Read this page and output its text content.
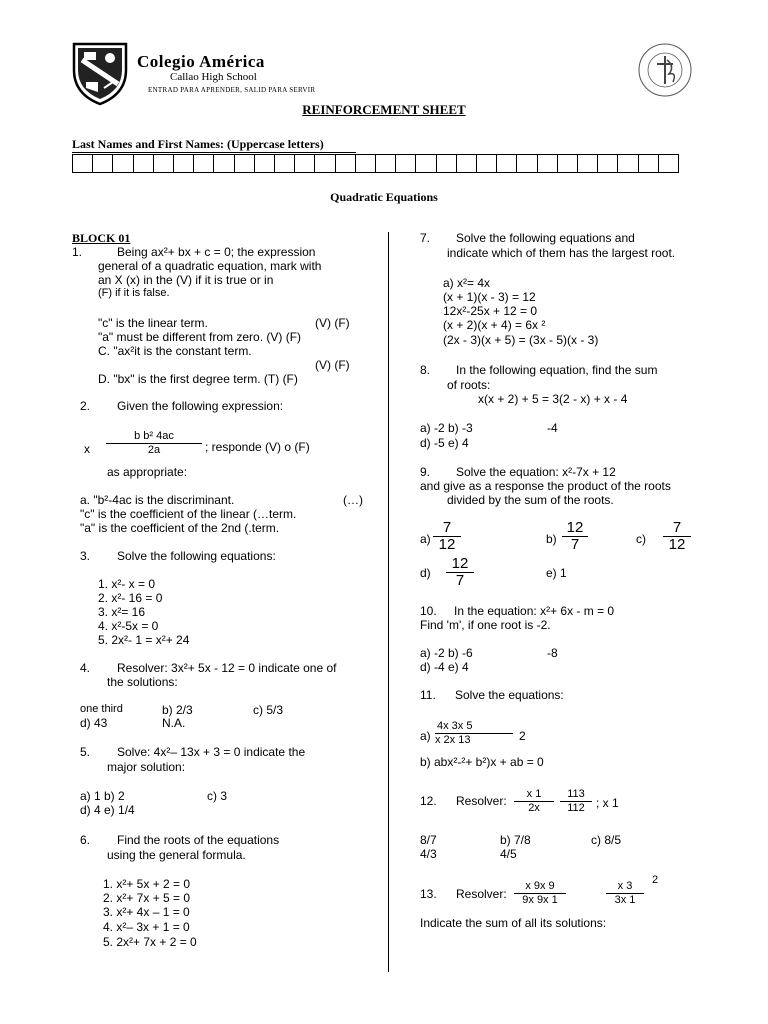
Colegio América
Callao High School
ENTRAD PARA APRENDER, SALID PARA SERVIR
REINFORCEMENT SHEET
Last Names and First Names: (Uppercase letters)
Quadratic Equations
BLOCK 01
1.	Being ax²+ bx + c = 0; the expression
general of a quadratic equation, mark with
an X (x) in the (V) if it is true or in
(F) if it is false.
"c" is the linear term.	(V) (F)
"a" must be different from zero. (V) (F)
C. "ax²it is the constant term.
(V) (F)
D. "bx" is the first degree term. (T) (F)
2. Given the following expression:
x $\frac{\text{b b² 4ac}}{2a}$ ; responde (V) o (F)
as appropriate:
a. "b²-4ac is the discriminant.	(…)
"c" is the coefficient of the linear (…term.
"a" is the coefficient of the 2nd (.term.
3. Solve the following equations:
1. x²- x = 0
2. x²- 16 = 0
3. x²= 16
4. x²-5x = 0
5. 2x²- 1 = x²+ 24
4. Resolver: 3x²+ 5x - 12 = 0 indicate one of
the solutions:
one third	b) 2/3	c) 5/3
d) 43	N.A.
5. Solve: 4x²– 13x + 3 = 0 indicate the
major solution:
a) 1 b) 2	c) 3
d) 4 e) 1/4
6. Find the roots of the equations
using the general formula.
1. x²+ 5x + 2 = 0
2. x²+ 7x + 5 = 0
3. x²+ 4x – 1 = 0
4. x²– 3x + 1 = 0
5. 2x²+ 7x + 2 = 0
7. Solve the following equations and
indicate which of them has the largest root.
a) x²= 4x
(x + 1)(x - 3) = 12
12x²-25x + 12 = 0
(x + 2)(x + 4) = 6x ²
(2x - 3)(x + 5) = (3x - 5)(x - 3)
8. In the following equation, find the sum
of roots:
x(x + 2) + 5 = 3(2 - x) + x - 4
a) -2 b) -3	-4
d) -5 e) 4
9. Solve the equation: x²-7x + 12
and give as a response the product of the roots
divided by the sum of the roots.
$a) \frac{7}{12}$	$b) \frac{12}{7}$	$c) \frac{7}{12}$
$d) \frac{12}{7}$	e) 1
10. In the equation: x²+ 6x - m = 0
Find 'm', if one root is -2.
a) -2 b) -6	-8
d) -4 e) 4
11. Solve the equations:
$a) \frac{4x 3x 5}{x 2x 13} 2$
b) abx²-²+ b²)x + ab = 0
12. Resolver: $\frac{x 1}{2x} \frac{113}{112}$ ; x 1
8/7	b) 7/8	c) 8/5
4/3	4/5
13. Resolver: $\frac{x 9x 9}{9x 9x 1}$	$\frac{x 3}{3x 1} 2$
Indicate the sum of all its solutions:
